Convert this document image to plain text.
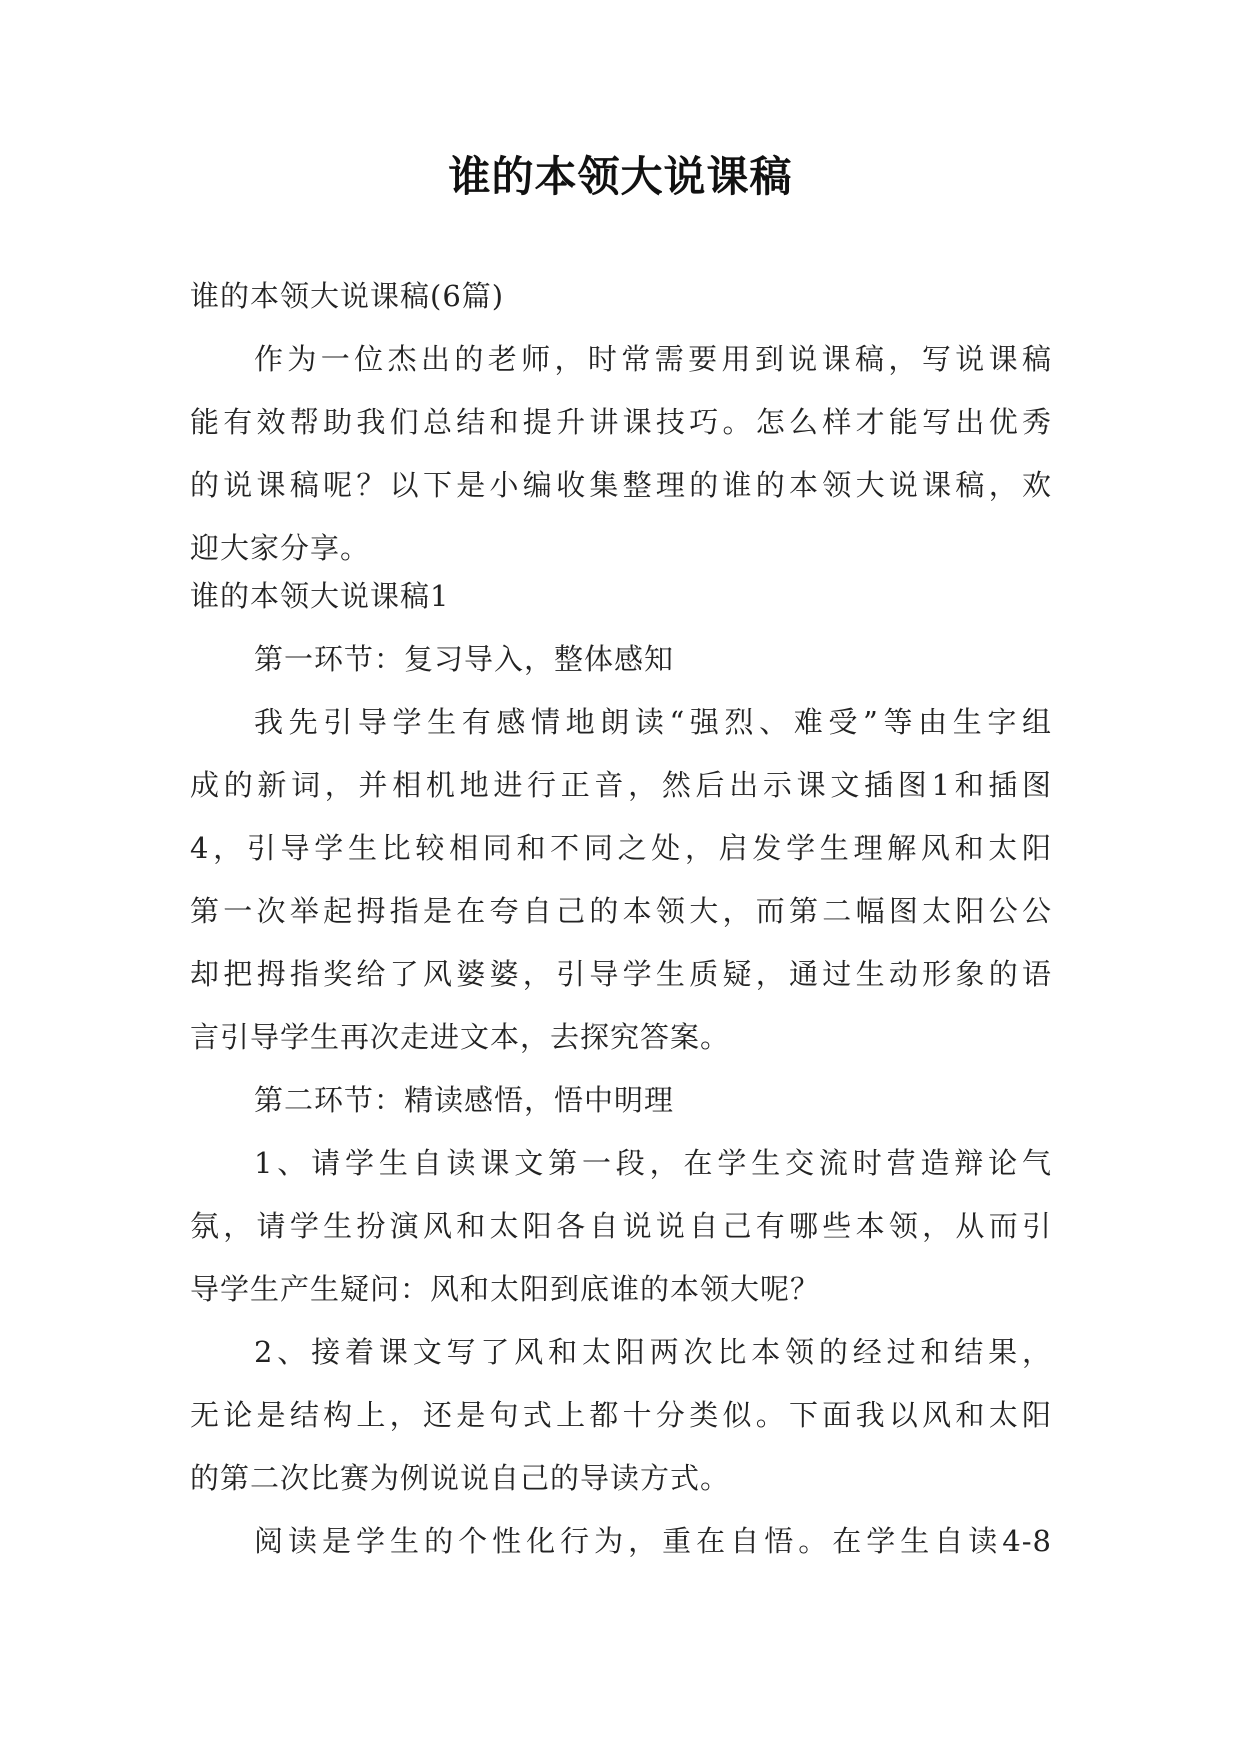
谁的本领大说课稿
谁的本领大说课稿(6篇)
作为一位杰出的老师，时常需要用到说课稿，写说课稿
能有效帮助我们总结和提升讲课技巧。怎么样才能写出优秀
的说课稿呢？以下是小编收集整理的谁的本领大说课稿，欢
迎大家分享。
谁的本领大说课稿1
第一环节：复习导入，整体感知
我先引导学生有感情地朗读“强烈、难受”等由生字组
成的新词，并相机地进行正音，然后出示课文插图1和插图
4，引导学生比较相同和不同之处，启发学生理解风和太阳
第一次举起拇指是在夸自己的本领大，而第二幅图太阳公公
却把拇指奖给了风婆婆，引导学生质疑，通过生动形象的语
言引导学生再次走进文本，去探究答案。
第二环节：精读感悟，悟中明理
1、请学生自读课文第一段，在学生交流时营造辩论气
氛，请学生扮演风和太阳各自说说自己有哪些本领，从而引
导学生产生疑问：风和太阳到底谁的本领大呢？
2、接着课文写了风和太阳两次比本领的经过和结果，
无论是结构上，还是句式上都十分类似。下面我以风和太阳
的第二次比赛为例说说自己的导读方式。
阅读是学生的个性化行为，重在自悟。在学生自读4-8
